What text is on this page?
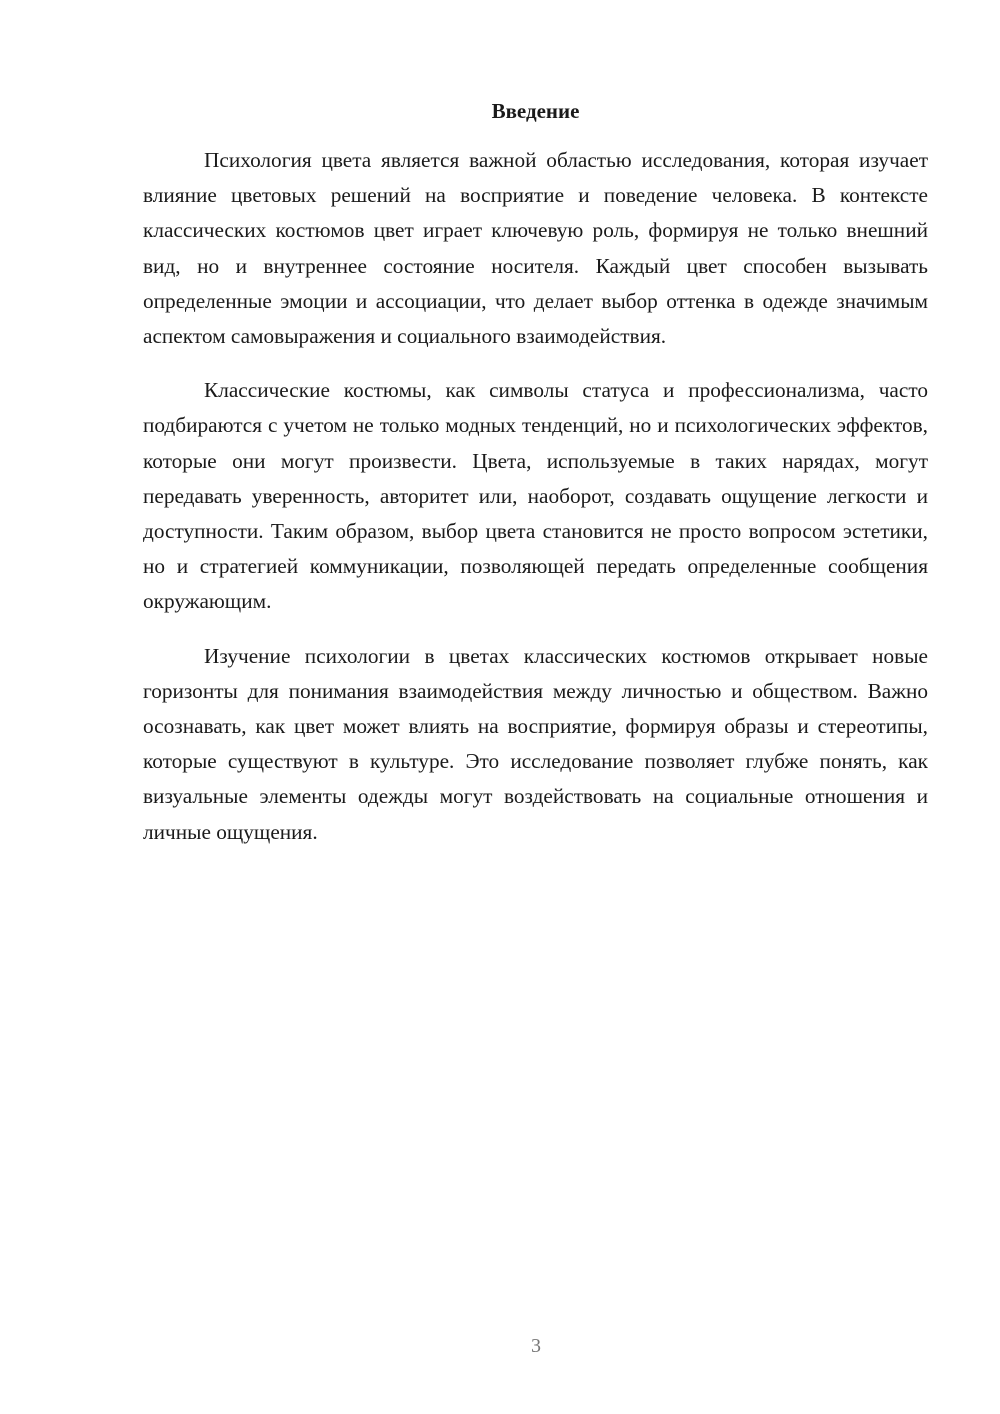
Введение

Психология цвета является важной областью исследования, которая изучает влияние цветовых решений на восприятие и поведение человека. В контексте классических костюмов цвет играет ключевую роль, формируя не только внешний вид, но и внутреннее состояние носителя. Каждый цвет способен вызывать определенные эмоции и ассоциации, что делает выбор оттенка в одежде значимым аспектом самовыражения и социального взаимодействия.

Классические костюмы, как символы статуса и профессионализма, часто подбираются с учетом не только модных тенденций, но и психологических эффектов, которые они могут произвести. Цвета, используемые в таких нарядах, могут передавать уверенность, авторитет или, наоборот, создавать ощущение легкости и доступности. Таким образом, выбор цвета становится не просто вопросом эстетики, но и стратегией коммуникации, позволяющей передать определенные сообщения окружающим.

Изучение психологии в цветах классических костюмов открывает новые горизонты для понимания взаимодействия между личностью и обществом. Важно осознавать, как цвет может влиять на восприятие, формируя образы и стереотипы, которые существуют в культуре. Это исследование позволяет глубже понять, как визуальные элементы одежды могут воздействовать на социальные отношения и личные ощущения.

3
